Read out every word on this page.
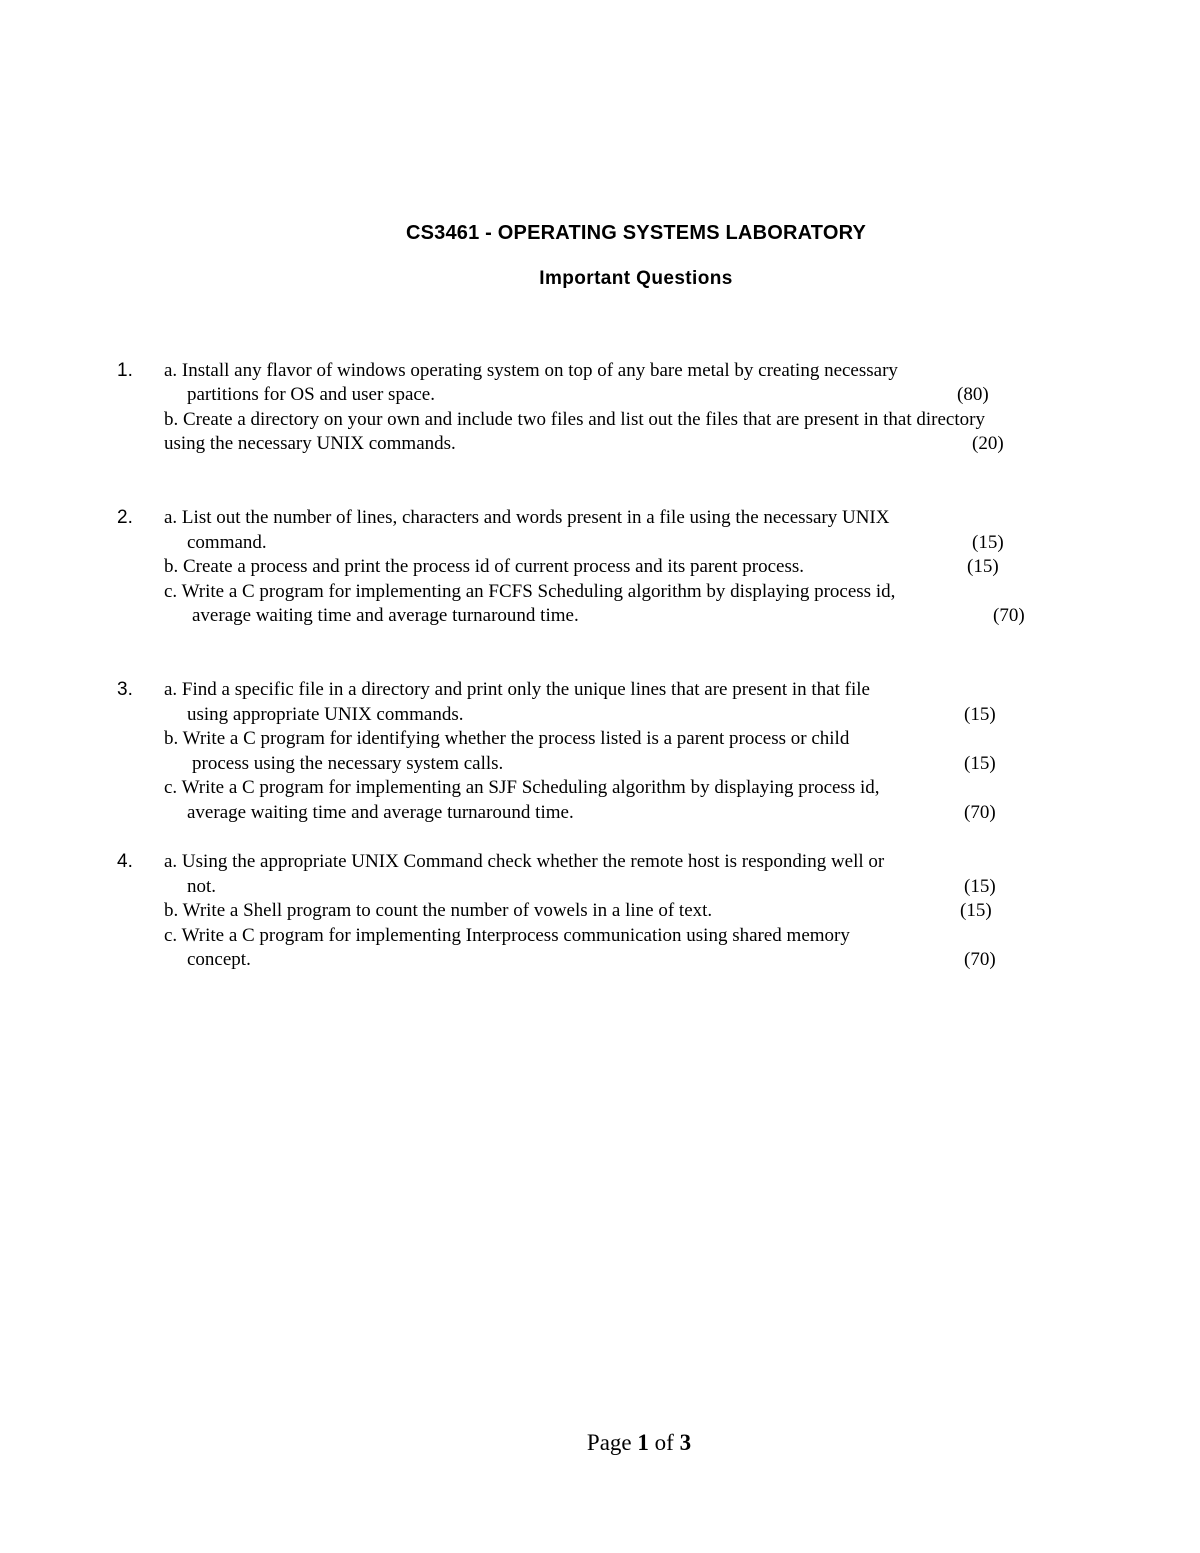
CS3461 - OPERATING SYSTEMS LABORATORY
Important Questions
1. a. Install any flavor of windows operating system on top of any bare metal by creating necessary
partitions for OS and user space.	(80)
b. Create a directory on your own and include two files and list out the files that are present in that directory
using the necessary UNIX commands.	(20)
2. a. List out the number of lines, characters and words present in a file using the necessary UNIX
command.	(15)
b. Create a process and print the process id of current process and its parent process.	(15)
c. Write a C program for implementing an FCFS Scheduling algorithm by displaying process id,
average waiting time and average turnaround time.	(70)
3. a. Find a specific file in a directory and print only the unique lines that are present in that file
using appropriate UNIX commands.	(15)
b. Write a C program for identifying whether the process listed is a parent process or child
process using the necessary system calls.	(15)
c. Write a C program for implementing an SJF Scheduling algorithm by displaying process id,
average waiting time and average turnaround time.	(70)
4. a. Using the appropriate UNIX Command check whether the remote host is responding well or
not.	(15)
b. Write a Shell program to count the number of vowels in a line of text.	(15)
c. Write a C program for implementing Interprocess communication using shared memory
concept.	(70)
Page 1 of 3
